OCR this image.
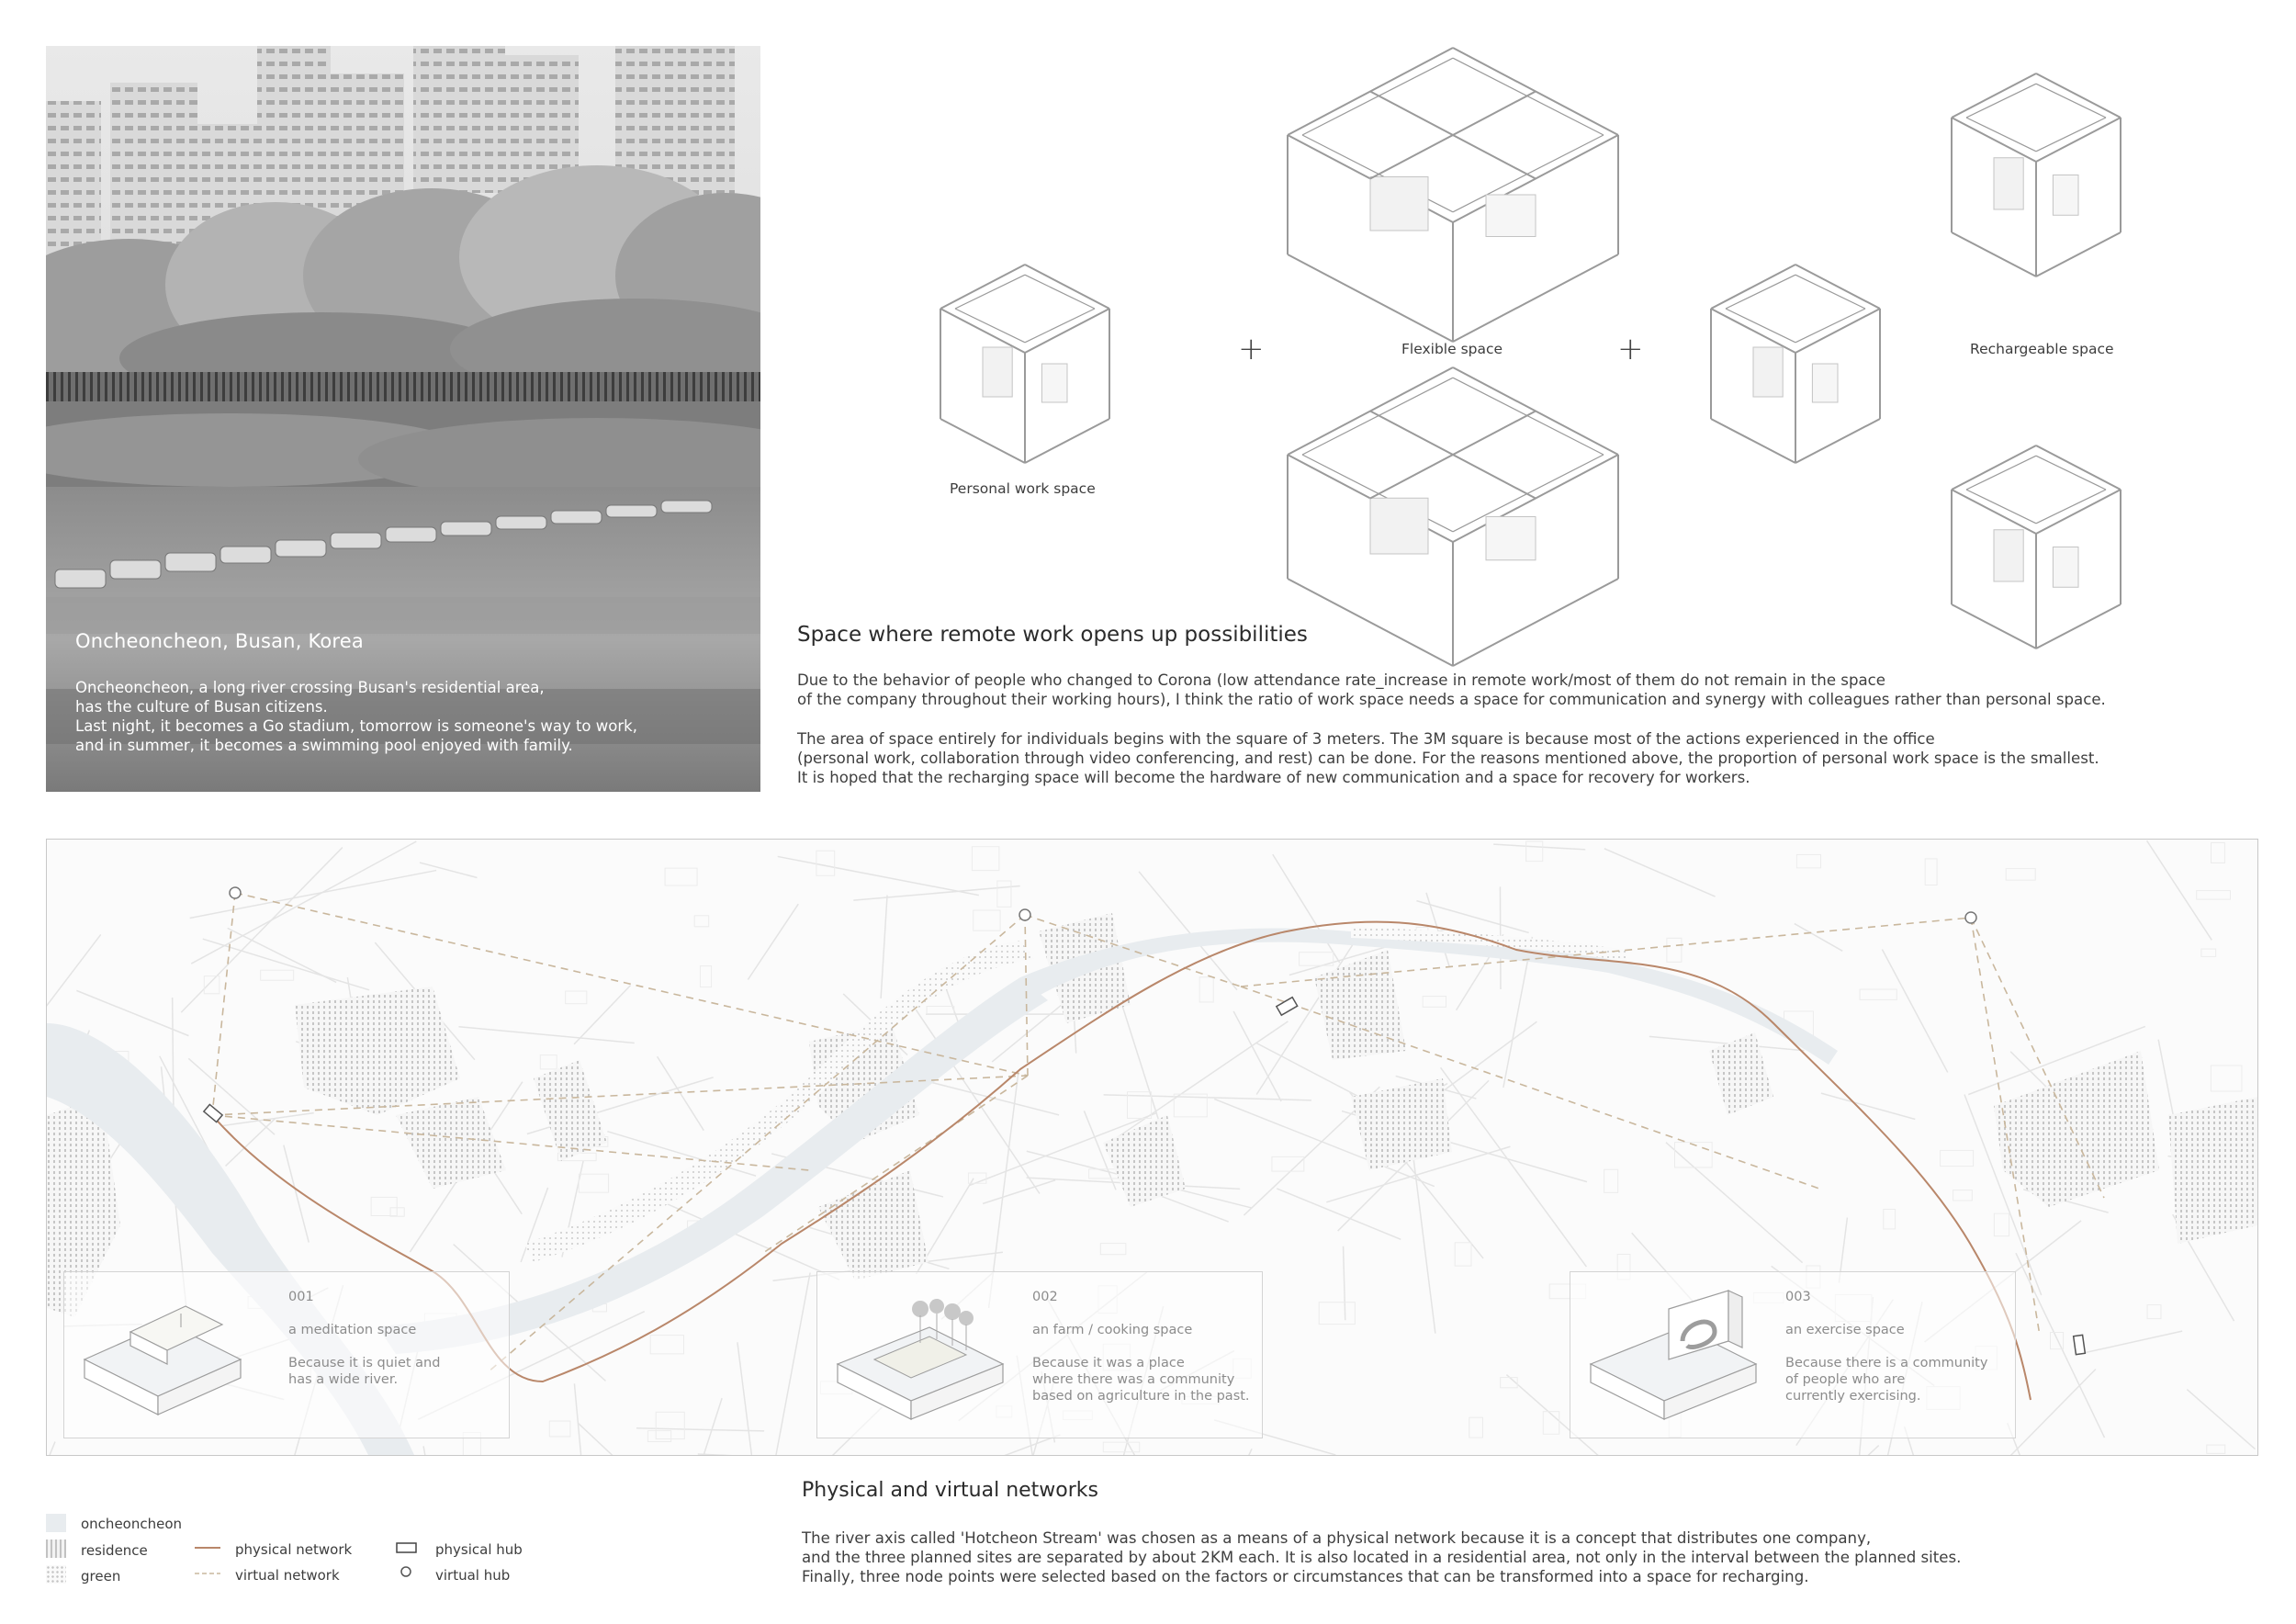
Oncheoncheon, Busan, Korea
Oncheoncheon, a long river crossing Busan's residential area,
has the culture of Busan citizens.
Last night, it becomes a Go stadium, tomorrow is someone's way to work,
and in summer, it becomes a swimming pool enjoyed with family.
Personal work space
Flexible space	Rechargeable space
+	+
Space where remote work opens up possibilities
Due to the behavior of people who changed to Corona (low attendance rate_increase in remote work/most of them do not remain in the space
of the company throughout their working hours), I think the ratio of work space needs a space for communication and synergy with colleagues rather than personal space.
The area of space entirely for individuals begins with the square of 3 meters. The 3M square is because most of the actions experienced in the office
(personal work, collaboration through video conferencing, and rest) can be done. For the reasons mentioned above, the proportion of personal work space is the smallest.
It is hoped that the recharging space will become the hardware of new communication and a space for recovery for workers.
001
a meditation space
Because it is quiet and
has a wide river.
002
an farm / cooking space
Because it was a place
where there was a community
based on agriculture in the past.
003
an exercise space
Because there is a community
of people who are
currently exercising.
oncheoncheon
residence
green
physical network
virtual network
physical hub
virtual hub
Physical and virtual networks
The river axis called 'Hotcheon Stream' was chosen as a means of a physical network because it is a concept that distributes one company,
and the three planned sites are separated by about 2KM each. It is also located in a residential area, not only in the interval between the planned sites.
Finally, three node points were selected based on the factors or circumstances that can be transformed into a space for recharging.
